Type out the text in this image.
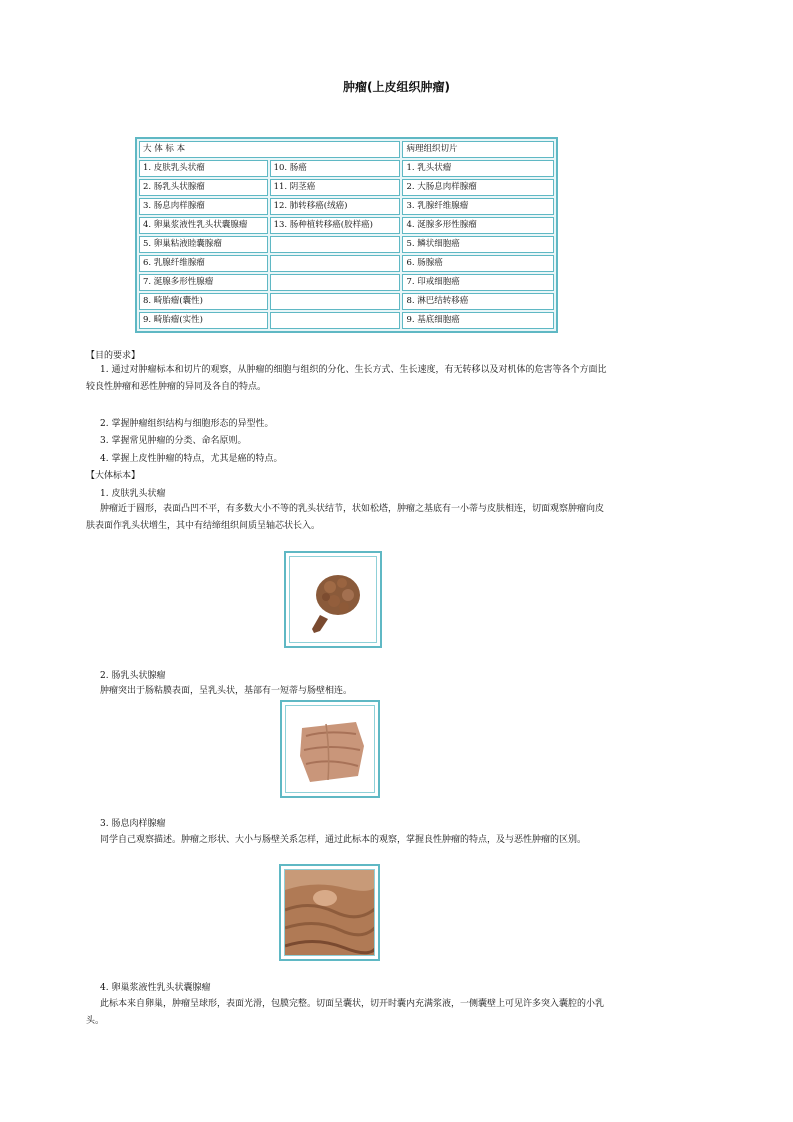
肿瘤(上皮组织肿瘤)
大 体 标 本		病理组织切片
1. 皮肤乳头状瘤	10. 肠癌	1. 乳头状瘤
2. 肠乳头状腺瘤	11. 阴茎癌	2. 大肠息肉样腺瘤
3. 肠息肉样腺瘤	12. 肺转移癌(绒癌)	3. 乳腺纤维腺瘤
4. 卵巢浆液性乳头状囊腺瘤	13. 肠种植转移癌(胶样癌)	4. 涎腺多形性腺瘤
5. 卵巢粘液睦囊腺瘤		5. 鳞状细胞癌
6. 乳腺纤维腺瘤		6. 肠腺癌
7. 涎腺多形性腺瘤		7. 印戒细胞癌
8. 畸胎瘤(囊性)		8. 淋巴结转移癌
9. 畸胎瘤(实性)		9. 基底细胞癌
【目的要求】
1. 通过对肿瘤标本和切片的观察，从肿瘤的细胞与组织的分化、生长方式、生长速度，有无转移以及对机体的危害等各个方面比较良性肿瘤和恶性肿瘤的异同及各自的特点。
2. 掌握肿瘤组织结构与细胞形态的异型性。
3. 掌握常见肿瘤的分类、命名原则。
4. 掌握上皮性肿瘤的特点，尤其是癌的特点。
【大体标本】
1. 皮肤乳头状瘤
肿瘤近于圆形，表面凸凹不平，有多数大小不等的乳头状结节，状如松塔，肿瘤之基底有一小蒂与皮肤相连，切面观察肿瘤向皮肤表面作乳头状增生，其中有结缔组织间质呈轴芯状长入。
2. 肠乳头状腺瘤
肿瘤突出于肠粘膜表面，呈乳头状，基部有一短蒂与肠壁相连。
3. 肠息肉样腺瘤
同学自己观察描述。肿瘤之形状、大小与肠壁关系怎样，通过此标本的观察，掌握良性肿瘤的特点，及与恶性肿瘤的区别。
4. 卵巢浆液性乳头状囊腺瘤
此标本来自卵巢，肿瘤呈球形，表面光滑，包膜完整。切面呈囊状，切开时囊内充满浆液，一侧囊壁上可见许多突入囊腔的小乳头。
